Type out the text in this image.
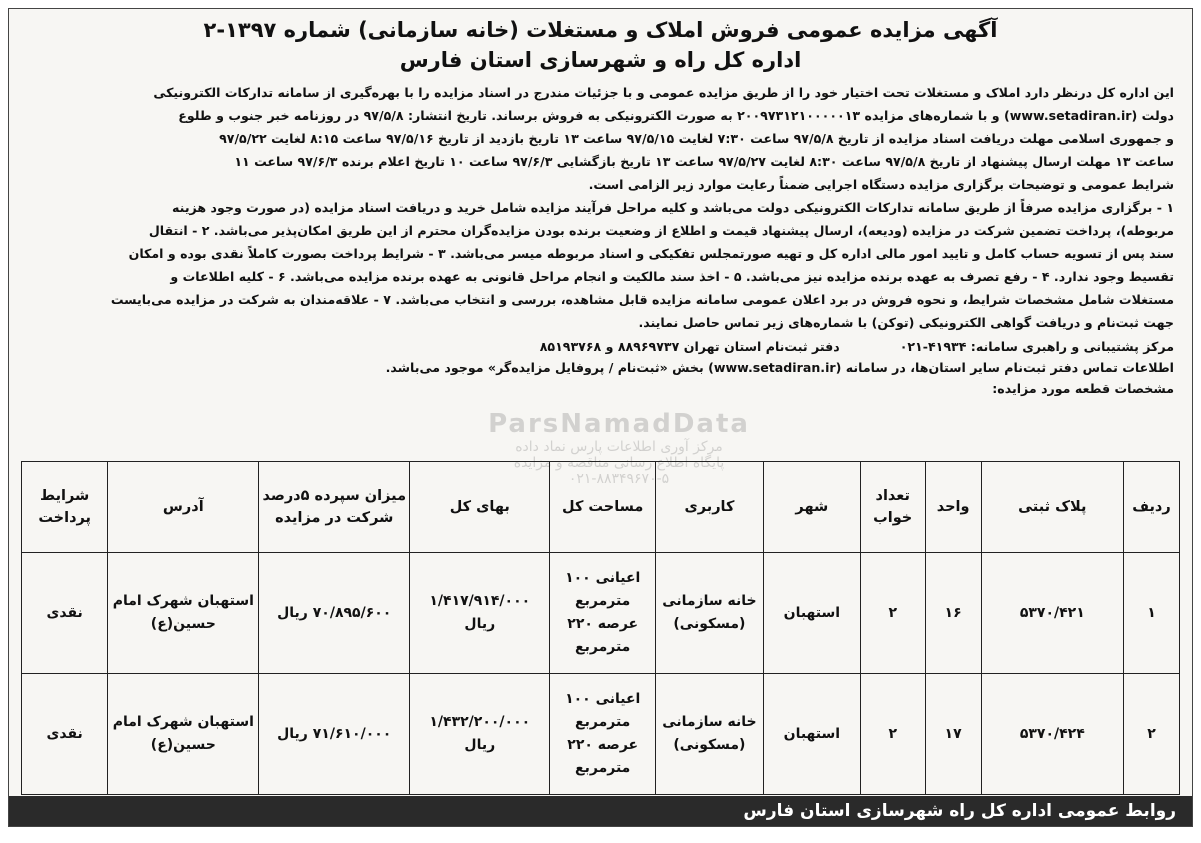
آگهی مزایده عمومی فروش املاک و مستغلات (خانه سازمانی) شماره ۱۳۹۷-۲
اداره کل راه و شهرسازی استان فارس
این اداره کل درنظر دارد املاک و مستغلات تحت اختیار خود را از طریق مزایده عمومی و با جزئیات مندرج در اسناد مزایده را با بهره‌گیری از سامانه تدارکات الکترونیکی
دولت (www.setadiran.ir) و با شماره‌های مزایده ۲۰۰۹۷۳۱۲۱۰۰۰۰۰۱۳ به صورت الکترونیکی به فروش برساند. تاریخ انتشار: ۹۷/۵/۸ در روزنامه خبر جنوب و طلوع
و جمهوری اسلامی مهلت دریافت اسناد مزایده از تاریخ ۹۷/۵/۸ ساعت ۷:۳۰ لغایت ۹۷/۵/۱۵ ساعت ۱۳ تاریخ بازدید از تاریخ ۹۷/۵/۱۶ ساعت ۸:۱۵ لغایت ۹۷/۵/۲۲
ساعت ۱۳ مهلت ارسال پیشنهاد از تاریخ ۹۷/۵/۸ ساعت ۸:۳۰ لغایت ۹۷/۵/۲۷ ساعت ۱۳ تاریخ بازگشایی ۹۷/۶/۳ ساعت ۱۰ تاریخ اعلام برنده ۹۷/۶/۳ ساعت ۱۱
شرایط عمومی و توضیحات برگزاری مزایده دستگاه اجرایی ضمناً رعایت موارد زیر الزامی است.
۱ - برگزاری مزایده صرفاً از طریق سامانه تدارکات الکترونیکی دولت می‌باشد و کلیه مراحل فرآیند مزایده شامل خرید و دریافت اسناد مزایده (در صورت وجود هزینه
مربوطه)، پرداخت تضمین شرکت در مزایده (ودیعه)، ارسال پیشنهاد قیمت و اطلاع از وضعیت برنده بودن مزایده‌گران محترم از این طریق امکان‌پذیر می‌باشد. ۲ - انتقال
سند پس از تسویه حساب کامل و تایید امور مالی اداره کل و تهیه صورتمجلس تفکیکی و اسناد مربوطه میسر می‌باشد. ۳ - شرایط پرداخت بصورت کاملاً نقدی بوده و امکان
تقسیط وجود ندارد. ۴ - رفع تصرف به عهده برنده مزایده نیز می‌باشد. ۵ - اخذ سند مالکیت و انجام مراحل قانونی به عهده برنده مزایده می‌باشد. ۶ - کلیه اطلاعات و
مستغلات شامل مشخصات شرایط، و نحوه فروش در برد اعلان عمومی سامانه مزایده قابل مشاهده، بررسی و انتخاب می‌باشد. ۷ - علاقه‌مندان به شرکت در مزایده می‌بایست
جهت ثبت‌نام و دریافت گواهی الکترونیکی (توکن) با شماره‌های زیر تماس حاصل نمایند.
مرکز پشتیبانی و راهبری سامانه: ۴۱۹۳۴-۰۲۱دفتر ثبت‌نام استان تهران ۸۸۹۶۹۷۳۷ و ۸۵۱۹۳۷۶۸
اطلاعات تماس دفتر ثبت‌نام سایر استان‌ها، در سامانه (www.setadiran.ir) بخش «ثبت‌نام / پروفایل مزایده‌گر» موجود می‌باشد.
مشخصات قطعه مورد مزایده:
ParsNamadData
مرکز آوری اطلاعات پارس نماد داده
پایگاه اطلاع رسانی مناقصه و مزایده
۰۲۱-۸۸۳۴۹۶۷۰-۵
ردیف	پلاک ثبتی	واحد	تعداد خواب	شهر	کاربری	مساحت کل	بهای کل	میزان سپرده ۵درصد شرکت در مزایده	آدرس	شرایط پرداخت
۱	۵۳۷۰/۴۲۱	۱۶	۲	استهبان	خانه سازمانی (مسکونی)	اعیانی ۱۰۰ مترمربع عرصه ۲۲۰ مترمربع	۱/۴۱۷/۹۱۴/۰۰۰ ریال	۷۰/۸۹۵/۶۰۰ ریال	استهبان شهرک امام حسین(ع)	نقدی
۲	۵۳۷۰/۴۲۴	۱۷	۲	استهبان	خانه سازمانی (مسکونی)	اعیانی ۱۰۰ مترمربع عرصه ۲۲۰ مترمربع	۱/۴۳۲/۲۰۰/۰۰۰ ریال	۷۱/۶۱۰/۰۰۰ ریال	استهبان شهرک امام حسین(ع)	نقدی
روابط عمومی اداره کل راه شهرسازی استان فارس
